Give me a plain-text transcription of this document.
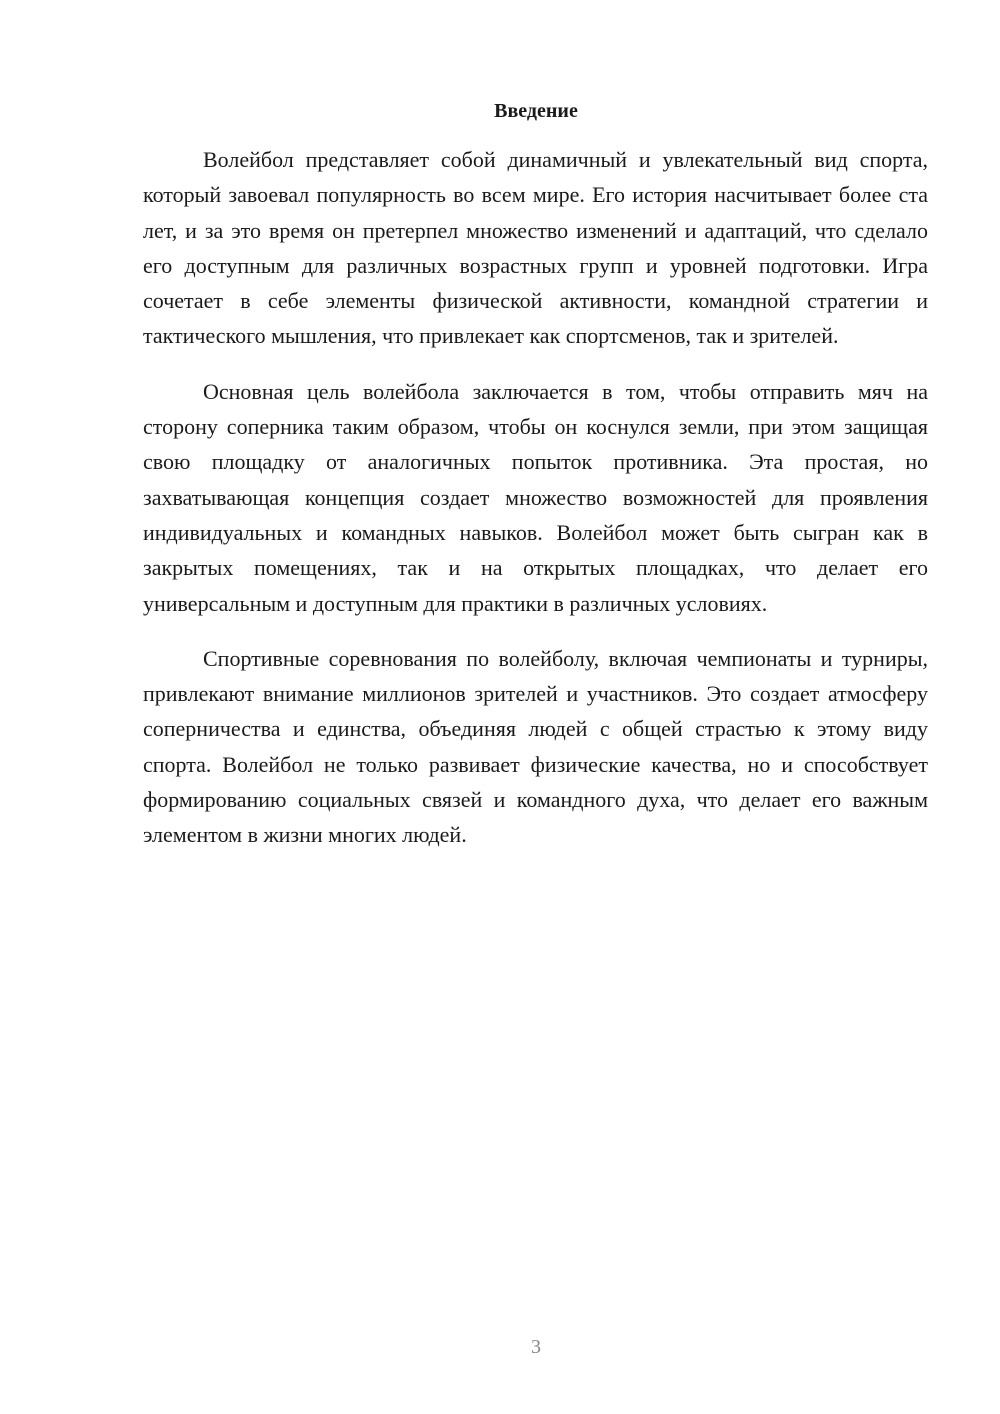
Введение

Волейбол представляет собой динамичный и увлекательный вид спорта, который завоевал популярность во всем мире. Его история насчитывает более ста лет, и за это время он претерпел множество изменений и адаптаций, что сделало его доступным для различных возрастных групп и уровней подготовки. Игра сочетает в себе элементы физической активности, командной стратегии и тактического мышления, что привлекает как спортсменов, так и зрителей.

Основная цель волейбола заключается в том, чтобы отправить мяч на сторону соперника таким образом, чтобы он коснулся земли, при этом защищая свою площадку от аналогичных попыток противника. Эта простая, но захватывающая концепция создает множество возможностей для проявления индивидуальных и командных навыков. Волейбол может быть сыгран как в закрытых помещениях, так и на открытых площадках, что делает его универсальным и доступным для практики в различных условиях.

Спортивные соревнования по волейболу, включая чемпионаты и турниры, привлекают внимание миллионов зрителей и участников. Это создает атмосферу соперничества и единства, объединяя людей с общей страстью к этому виду спорта. Волейбол не только развивает физические качества, но и способствует формированию социальных связей и командного духа, что делает его важным элементом в жизни многих людей.

3
